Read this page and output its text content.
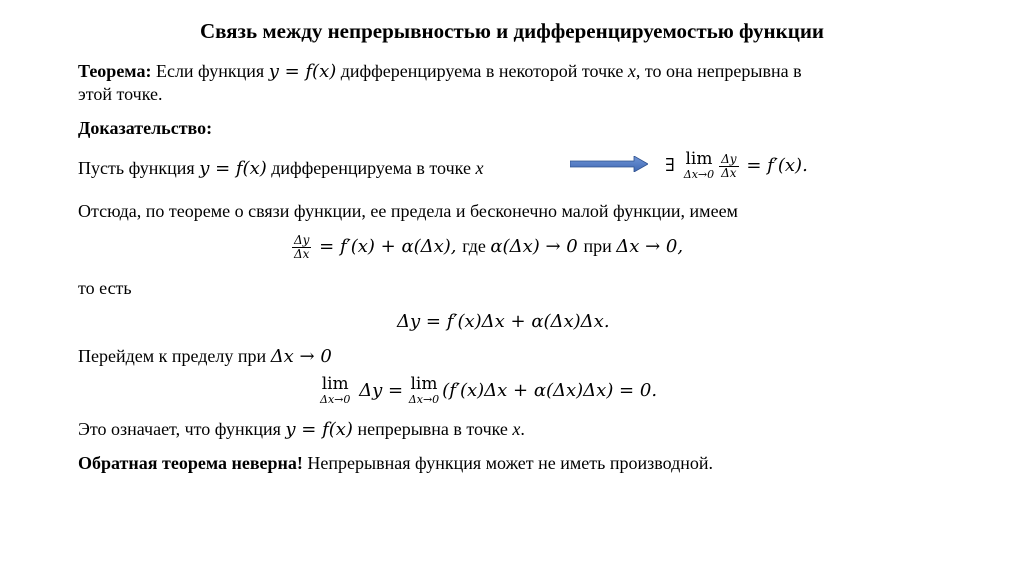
Связь между непрерывностью и дифференцируемостью функции
Теорема: Если функция y = f(x) дифференцируема в некоторой точке x, то она непрерывна в
этой точке.
Доказательство:
Пусть функция y = f(x) дифференцируема в точке x	∃ lim
$\Delta x\to 0 \frac{\Delta y}{\Delta x} = f'(x)$.
Отсюда, по теореме о связи функции, ее предела и бесконечно малой функции, имеем
$\frac{\Delta y}{\Delta x} = f'(x) + \alpha(\Delta x)$, где α(Δx) → 0 при Δx → 0,
то есть
Δy = f′(x)Δx + α(Δx)Δx.
Перейдем к пределу при Δx → 0
lim
Δx→0 Δy = lim
Δx→0 (f′(x)Δx + α(Δx)Δx) = 0.
Это означает, что функция y = f(x) непрерывна в точке x.
Обратная теорема неверна! Непрерывная функция может не иметь производной.
